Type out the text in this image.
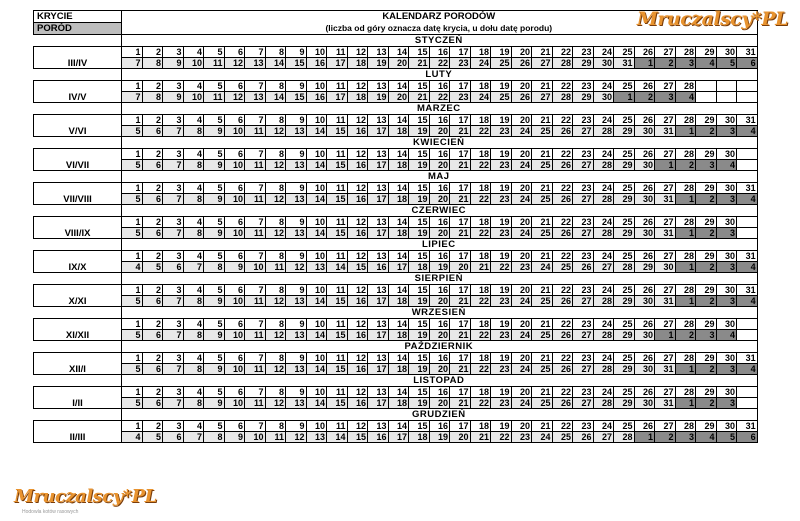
KRYCIE	KALENDARZ PORODÓW
(liczba od góry oznacza datę krycia, u dołu datę porodu)																														

PORÓD																															
	STYCZEŃ																														
III/IV	1	2	3	4	5	6	7	8	9	10	11	12	13	14	15	16	17	18	19	20	21	22	23	24	25	26	27	28	29	30	31
	7	8	9	10	11	12	13	14	15	16	17	18	19	20	21	22	23	24	25	26	27	28	29	30	31	1	2	3	4	5	6
	LUTY																														
IV/V	1	2	3	4	5	6	7	8	9	10	11	12	13	14	15	16	17	18	19	20	21	22	23	24	25	26	27	28			
	7	8	9	10	11	12	13	14	15	16	17	18	19	20	21	22	23	24	25	26	27	28	29	30	1	2	3	4			
	MARZEC																														
V/VI	1	2	3	4	5	6	7	8	9	10	11	12	13	14	15	16	17	18	19	20	21	22	23	24	25	26	27	28	29	30	31
	5	6	7	8	9	10	11	12	13	14	15	16	17	18	19	20	21	22	23	24	25	26	27	28	29	30	31	1	2	3	4
	KWIECIEŃ																														
VI/VII	1	2	3	4	5	6	7	8	9	10	11	12	13	14	15	16	17	18	19	20	21	22	23	24	25	26	27	28	29	30	
	5	6	7	8	9	10	11	12	13	14	15	16	17	18	19	20	21	22	23	24	25	26	27	28	29	30	1	2	3	4	
	MAJ																														
VII/VIII	1	2	3	4	5	6	7	8	9	10	11	12	13	14	15	16	17	18	19	20	21	22	23	24	25	26	27	28	29	30	31
	5	6	7	8	9	10	11	12	13	14	15	16	17	18	19	20	21	22	23	24	25	26	27	28	29	30	31	1	2	3	4
	CZERWIEC																														
VIII/IX	1	2	3	4	5	6	7	8	9	10	11	12	13	14	15	16	17	18	19	20	21	22	23	24	25	26	27	28	29	30	
	5	6	7	8	9	10	11	12	13	14	15	16	17	18	19	20	21	22	23	24	25	26	27	28	29	30	31	1	2	3	
	LIPIEC																														
IX/X	1	2	3	4	5	6	7	8	9	10	11	12	13	14	15	16	17	18	19	20	21	22	23	24	25	26	27	28	29	30	31
	4	5	6	7	8	9	10	11	12	13	14	15	16	17	18	19	20	21	22	23	24	25	26	27	28	29	30	1	2	3	4
	SIERPIEŃ																														
X/XI	1	2	3	4	5	6	7	8	9	10	11	12	13	14	15	16	17	18	19	20	21	22	23	24	25	26	27	28	29	30	31
	5	6	7	8	9	10	11	12	13	14	15	16	17	18	19	20	21	22	23	24	25	26	27	28	29	30	31	1	2	3	4
	WRZESIEŃ																														
XI/XII	1	2	3	4	5	6	7	8	9	10	11	12	13	14	15	16	17	18	19	20	21	22	23	24	25	26	27	28	29	30	
	5	6	7	8	9	10	11	12	13	14	15	16	17	18	19	20	21	22	23	24	25	26	27	28	29	30	1	2	3	4	
	PAŹDZIERNIK																														
XII/I	1	2	3	4	5	6	7	8	9	10	11	12	13	14	15	16	17	18	19	20	21	22	23	24	25	26	27	28	29	30	31
	5	6	7	8	9	10	11	12	13	14	15	16	17	18	19	20	21	22	23	24	25	26	27	28	29	30	31	1	2	3	4
	LISTOPAD																														
I/II	1	2	3	4	5	6	7	8	9	10	11	12	13	14	15	16	17	18	19	20	21	22	23	24	25	26	27	28	29	30	
	5	6	7	8	9	10	11	12	13	14	15	16	17	18	19	20	21	22	23	24	25	26	27	28	29	30	31	1	2	3	
	GRUDZIEŃ																														
II/III	1	2	3	4	5	6	7	8	9	10	11	12	13	14	15	16	17	18	19	20	21	22	23	24	25	26	27	28	29	30	31
	4	5	6	7	8	9	10	11	12	13	14	15	16	17	18	19	20	21	22	23	24	25	26	27	28	1	2	3	4	5	6
Mruczalscy*PL
Mruczalscy*PL
Hodowla kotów rasowych
